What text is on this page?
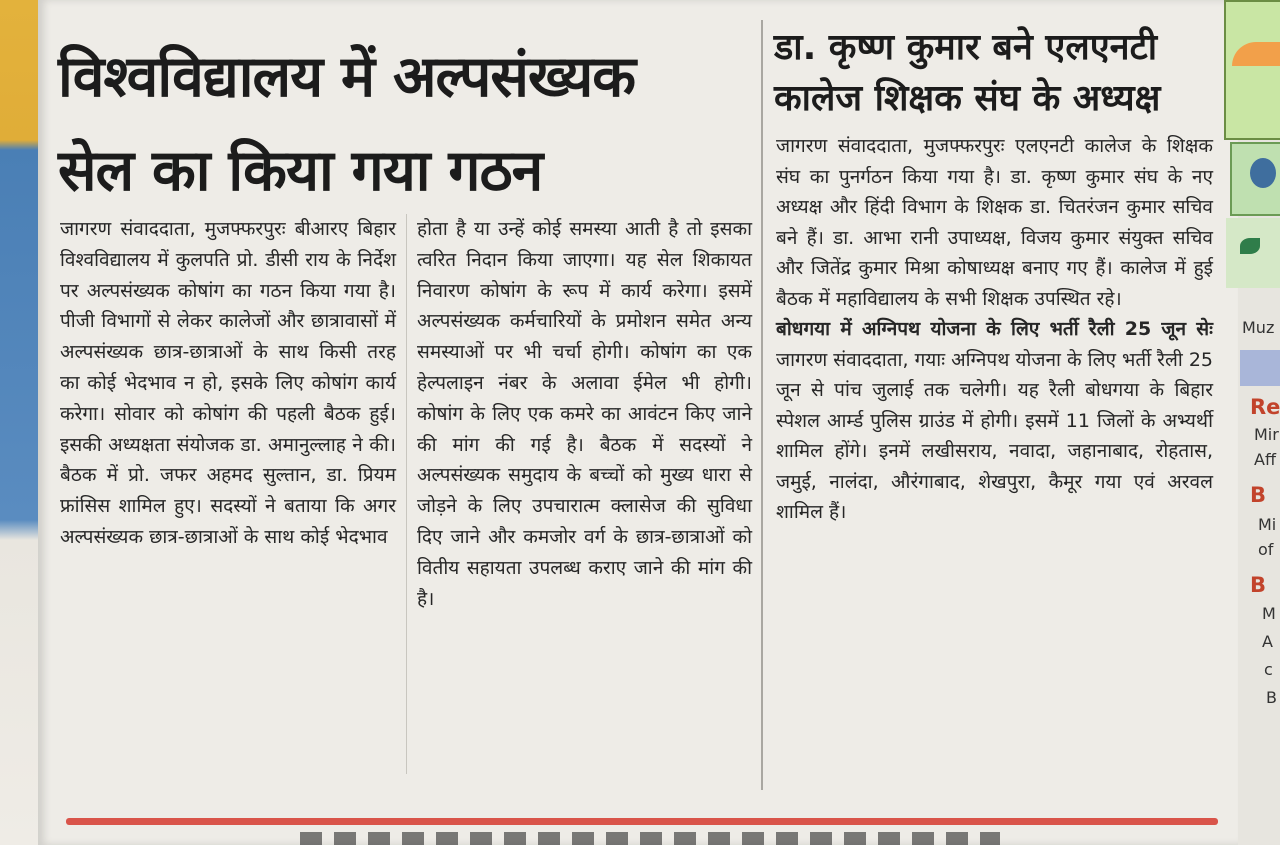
विश्वविद्यालय में अल्पसंख्यक
सेल का किया गया गठन
जागरण संवाददाता, मुजफ्फरपुरः बीआरए बिहार विश्वविद्यालय में कुलपति प्रो. डीसी राय के निर्देश पर अल्पसंख्यक कोषांग का गठन किया गया है। पीजी विभागों से लेकर कालेजों और छात्रावासों में अल्पसंख्यक छात्र-छात्राओं के साथ किसी तरह का कोई भेदभाव न हो, इसके लिए कोषांग कार्य करेगा। सोवार को कोषांग की पहली बैठक हुई। इसकी अध्यक्षता संयोजक डा. अमानुल्लाह ने की। बैठक में प्रो. जफर अहमद सुल्तान, डा. प्रियम फ्रांसिस शामिल हुए। सदस्यों ने बताया कि अगर अल्पसंख्यक छात्र-छात्राओं के साथ कोई भेदभाव
होता है या उन्हें कोई समस्या आती है तो इसका त्वरित निदान किया जाएगा। यह सेल शिकायत निवारण कोषांग के रूप में कार्य करेगा। इसमें अल्पसंख्यक कर्मचारियों के प्रमोशन समेत अन्य समस्याओं पर भी चर्चा होगी। कोषांग का एक हेल्पलाइन नंबर के अलावा ईमेल भी होगी। कोषांग के लिए एक कमरे का आवंटन किए जाने की मांग की गई है। बैठक में सदस्यों ने अल्पसंख्यक समुदाय के बच्चों को मुख्य धारा से जोड़ने के लिए उपचारात्म क्लासेज की सुविधा दिए जाने और कमजोर वर्ग के छात्र-छात्राओं को वितीय सहायता उपलब्ध कराए जाने की मांग की है।
डा. कृष्ण कुमार बने एलएनटी
कालेज शिक्षक संघ के अध्यक्ष
जागरण संवाददाता, मुजफ्फरपुरः एलएनटी कालेज के शिक्षक संघ का पुनर्गठन किया गया है। डा. कृष्ण कुमार संघ के नए अध्यक्ष और हिंदी विभाग के शिक्षक डा. चितरंजन कुमार सचिव बने हैं। डा. आभा रानी उपाध्यक्ष, विजय कुमार संयुक्त सचिव और जितेंद्र कुमार मिश्रा कोषाध्यक्ष बनाए गए हैं। कालेज में हुई बैठक में महाविद्यालय के सभी शिक्षक उपस्थित रहे।
बोधगया में अग्निपथ योजना के लिए भर्ती रैली 25 जून सेः जागरण संवाददाता, गयाः अग्निपथ योजना के लिए भर्ती रैली 25 जून से पांच जुलाई तक चलेगी। यह रैली बोधगया के बिहार स्पेशल आर्म्ड पुलिस ग्राउंड में होगी। इसमें 11 जिलों के अभ्यर्थी शामिल होंगे। इनमें लखीसराय, नवादा, जहानाबाद, रोहतास, जमुई, नालंदा, औरंगाबाद, शेखपुरा, कैमूर गया एवं अरवल शामिल हैं।
Muz
Re
Mir
Aff
B
Mi
of
B
M
A
c
B
